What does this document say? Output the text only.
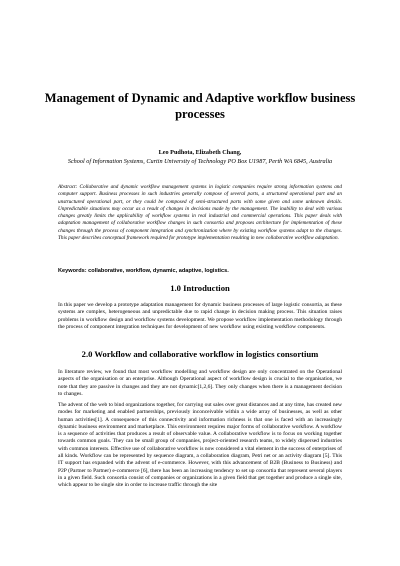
Management of Dynamic and Adaptive workflow business processes
Leo Pudhota, Elizabeth Chang,
School of Information Systems, Curtin University of Technology PO Box U1987, Perth WA 6845, Australia
Abstract: Collaborative and dynamic workflow management systems in logistic companies require strong information systems and computer support. Business processes in such industries generally compose of several parts, a structured operational part and an unstructured operational part, or they could be composed of semi-structured parts with some given and some unknown details. Unpredictable situations may occur as a result of changes in decisions made by the management. The inability to deal with various changes greatly limits the applicability of workflow systems in real industrial and commercial operations. This paper deals with adaptation management of collaborative workflow changes in such consortia and proposes architecture for implementation of these changes through the process of component integration and synchronization where by existing workflow systems adapt to the changes. This paper describes conceptual framework required for prototype implementation resulting in new collaborative workflow adaptation.
Keywords: collaborative, workflow, dynamic, adaptive, logistics.
1.0 Introduction
In this paper we develop a prototype adaptation management for dynamic business processes of large logistic consortia, as these systems are complex, heterogeneous and unpredictable due to rapid change in decision making process. This situation raises problems in workflow design and workflow systems development. We propose workflow implementation methodology through the process of component integration techniques for development of new workflow using existing workflow components.
2.0 Workflow and collaborative workflow in logistics consortium
In literature review, we found that most workflow modelling and workflow design are only concentrated on the Operational aspects of the organisation or an enterprise. Although Operational aspect of workflow design is crucial to the organisation, we note that they are passive in changes and they are not dynamic[1,2,6]. They only changes when there is a management decision to changes.
The advent of the web to bind organizations together, for carrying out sales over great distances and at any time, has created new modes for marketing and enabled partnerships, previously inconceivable within a wide array of businesses, as well as other human activities[1]. A consequence of this connectivity and information richness is that one is faced with an increasingly dynamic business environment and marketplace. This environment requires major forms of collaborative workflow. A workflow is a sequence of activities that produces a result of observable value. A collaborative workflow is to focus on working together towards common goals. They can be small group of companies, project-oriented research teams, to widely dispersed industries with common interests. Effective use of collaborative workflow is now considered a vital element in the success of enterprises of all kinds. Workflow can be represented by sequence diagram, a collaboration diagram, Petri net or an activity diagram [5]. This IT support has expanded with the advent of e-commerce. However, with this advancement of B2B (Business to Business) and P2P (Partner to Partner) e-commerce [6], there has been an increasing tendency to set up consortia that represent several players in a given field. Such consortia consist of companies or organizations in a given field that get together and produce a single site, which appear to be single site in order to increase traffic through the site
